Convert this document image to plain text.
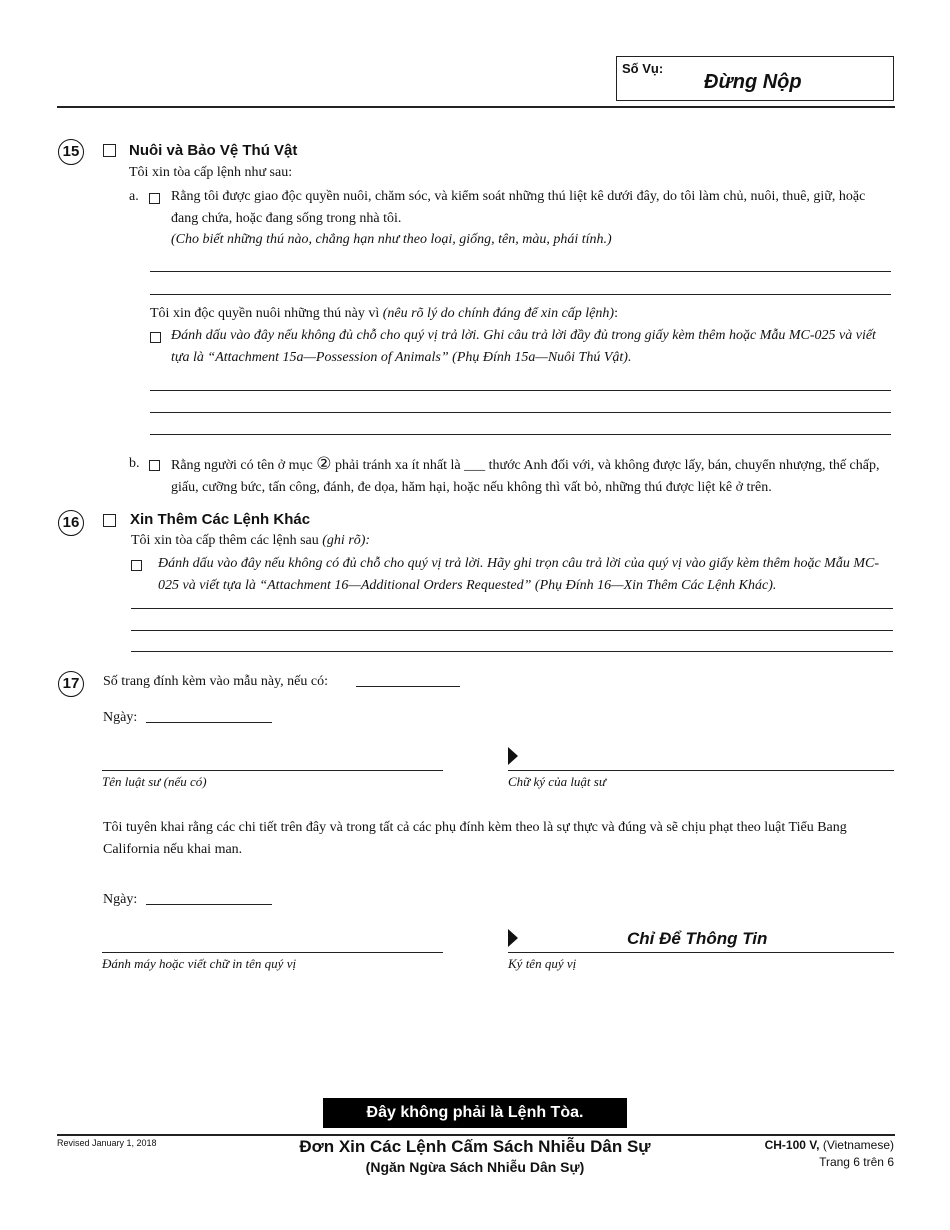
Số Vụ:
Đừng Nộp
15	Nuôi và Bảo Vệ Thú Vật
Tôi xin tòa cấp lệnh như sau:
a. Rằng tôi được giao độc quyền nuôi, chăm sóc, và kiểm soát những thú liệt kê dưới đây, do tôi làm chủ, nuôi, thuê, giữ, hoặc đang chứa, hoặc đang sống trong nhà tôi.
(Cho biết những thú nào, chẳng hạn như theo loại, giống, tên, màu, phái tính.)
Tôi xin độc quyền nuôi những thú này vì (nêu rõ lý do chính đáng để xin cấp lệnh):
Đánh dấu vào đây nếu không đủ chỗ cho quý vị trả lời. Ghi câu trả lời đầy đủ trong giấy kèm thêm hoặc Mẫu MC-025 và viết tựa là “Attachment 15a—Possession of Animals” (Phụ Đính 15a—Nuôi Thú Vật).
b. Rằng người có tên ở mục ② phải tránh xa ít nhất là ___ thước Anh đối với, và không được lấy, bán, chuyển nhượng, thế chấp, giấu, cưỡng bức, tấn công, đánh, đe dọa, hăm hại, hoặc nếu không thì vất bỏ, những thú được liệt kê ở trên.
16	Xin Thêm Các Lệnh Khác
Tôi xin tòa cấp thêm các lệnh sau (ghi rõ):
Đánh dấu vào đây nếu không có đủ chỗ cho quý vị trả lời. Hãy ghi trọn câu trả lời của quý vị vào giấy kèm thêm hoặc Mẫu MC-025 và viết tựa là “Attachment 16—Additional Orders Requested” (Phụ Đính 16—Xin Thêm Các Lệnh Khác).
17	Số trang đính kèm vào mẫu này, nếu có:
Ngày:
Tên luật sư (nếu có)	Chữ ký của luật sư
Tôi tuyên khai rằng các chi tiết trên đây và trong tất cả các phụ đính kèm theo là sự thực và đúng và sẽ chịu phạt theo luật Tiểu Bang California nếu khai man.
Ngày:
Đánh máy hoặc viết chữ in tên quý vị
Chỉ Để Thông Tin
Ký tên quý vị
Đây không phải là Lệnh Tòa.
Revised January 1, 2018	Đơn Xin Các Lệnh Cấm Sách Nhiễu Dân Sự
(Ngăn Ngừa Sách Nhiễu Dân Sự)
CH-100 V, (Vietnamese)
Trang 6 trên 6
